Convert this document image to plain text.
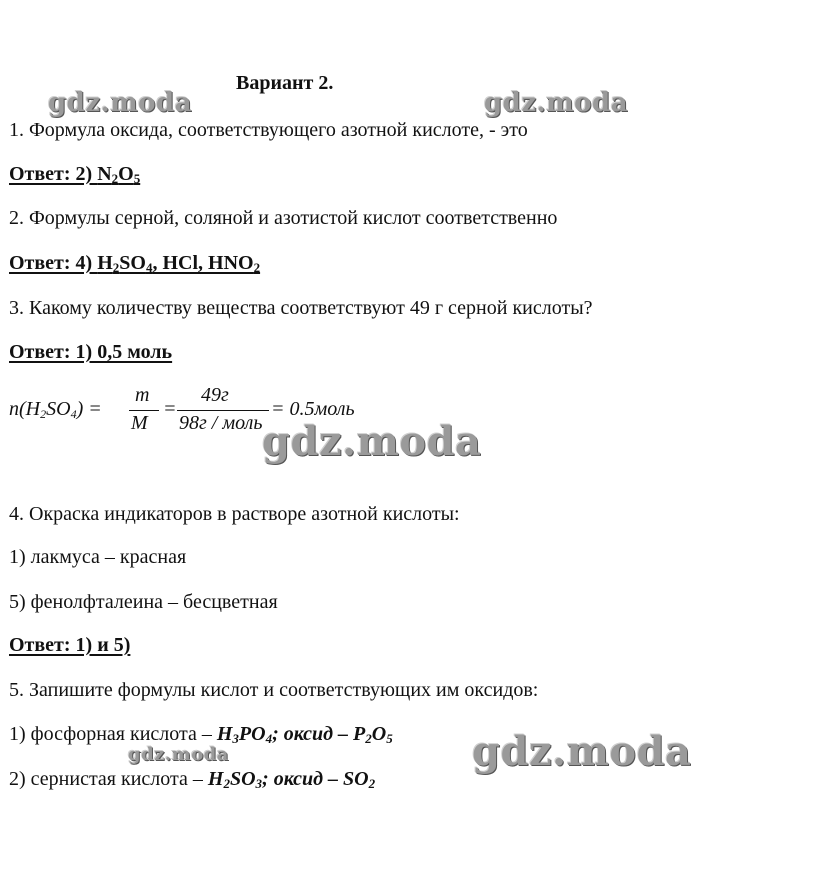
gdz.moda	gdz.moda
gdz.moda
gdz.moda
gdz.moda
Вариант 2.
1. Формула оксида, соответствующего азотной кислоте, - это
Ответ: 2) $N_2O_5$
2. Формулы серной, соляной и азотистой кислот соответственно
Ответ: 4) $H_2SO_4$, HCl, $HNO_2$
3. Какому количеству вещества соответствуют 49 г серной кислоты?
Ответ: 1) 0,5 моль
$n(H_2SO_4)$ =
m
M
=
49г
98г / моль
= 0.5моль
4. Окраска индикаторов в растворе азотной кислоты:
1) лакмуса – красная
5) фенолфталеина – бесцветная
Ответ: 1) и 5)
5. Запишите формулы кислот и соответствующих им оксидов:
1) фосфорная кислота – $H_3PO_4$; оксид – $P_2O_5$
2) сернистая кислота – $H_2SO_3$; оксид – $SO_2$
